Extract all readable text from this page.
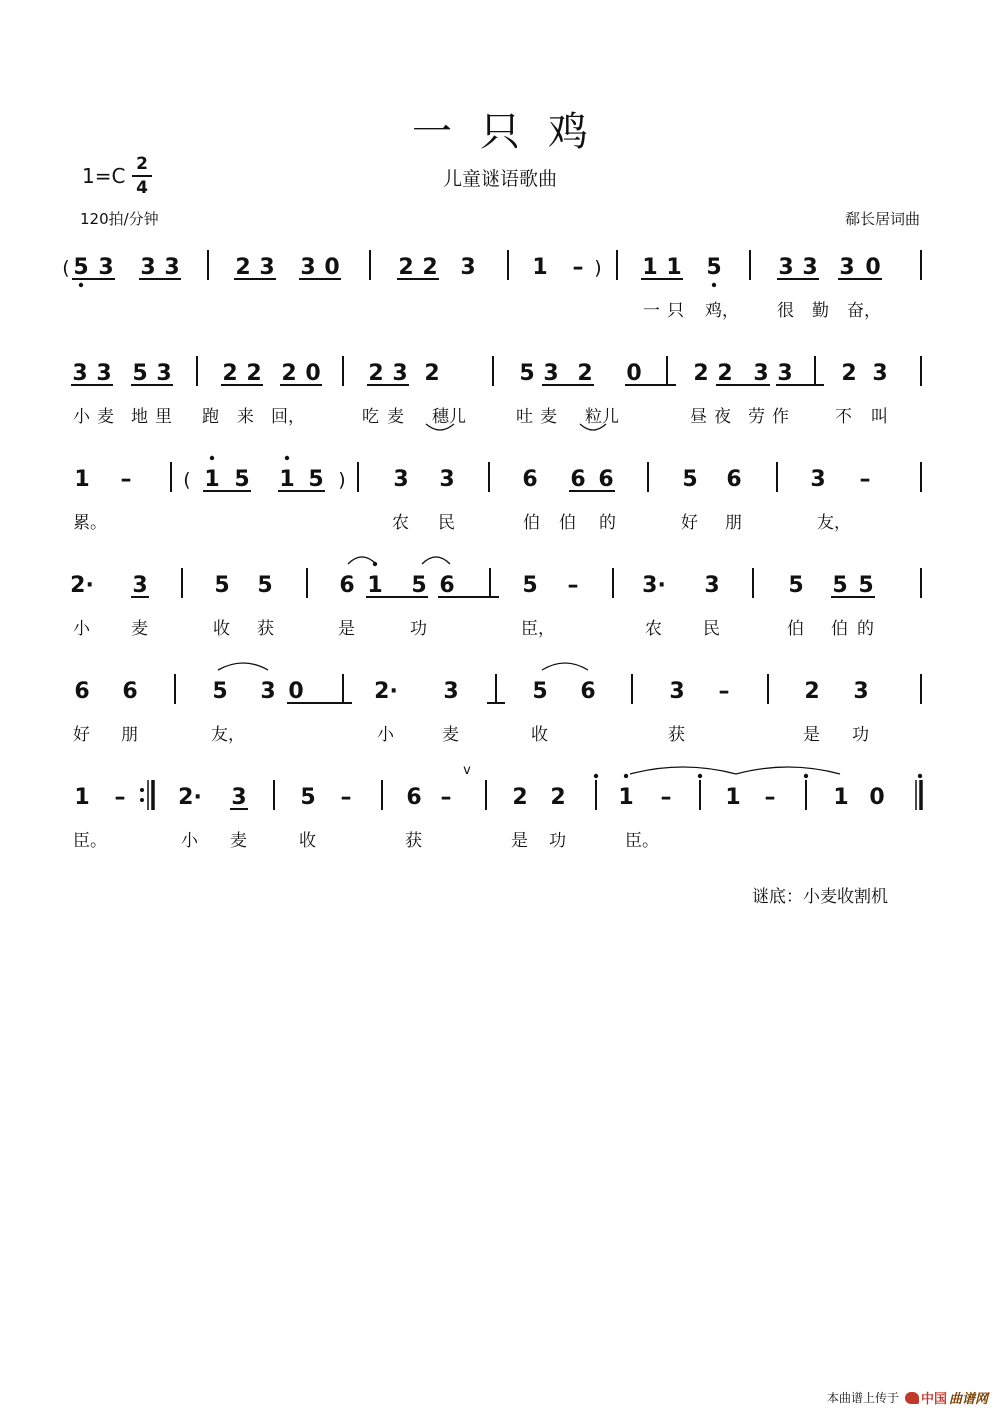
一 只 鸡
儿童谜语歌曲
1=C 2
4
120拍/分钟	郗长居词曲
( 5 3 3 3	2 3 3 0	2 2 3	1 – ) 1 1 5	3 3 3 0
3 3 5 3 2 2 2 0 2 3 2	5 3 2 0 2 2 3 3 2 3
1 –	( 1 5 1 5 ) 3 3	6 6 6	5 6	3 –
2· 3	5 5	6 1 5 6	5 –	3· 3	5 5 5
6 6	5 3 0	2· 3	5 6	3 –	2 3
1 – 2· 3 5 – 6 –
v
2 2 1 – 1 –	1 0
一 只 鸡， 很 勤 奋，
小 麦 地 里 跑 来 回，	吃 麦 穗儿	吐 麦 粒儿	昼 夜 劳 作	不 叫
累。	农 民	伯 伯 的	好 朋	友，
小 麦	收 获	是	功	臣，	农 民	伯 伯 的
好 朋	友，	小	麦	收	获	是 功
臣。	小 麦	收	获	是 功	臣。
谜底：小麦收割机
本曲谱上传于 中国 曲谱网
